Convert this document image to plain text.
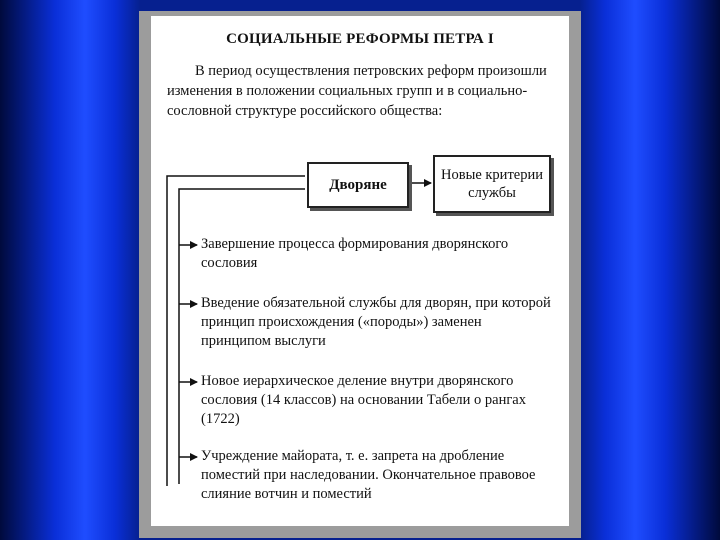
СОЦИАЛЬНЫЕ РЕФОРМЫ ПЕТРА I
В период осуществления петровских реформ произошли изменения в положении социальных групп и в социально-сословной структуре российского общества:
Дворяне
Новые критерии службы
Завершение процесса формирования дворянского сословия
Введение обязательной службы для дворян, при которой принцип происхождения («породы») заменен принципом выслуги
Новое иерархическое деление внутри дворянского сословия (14 классов) на основании Табели о рангах (1722)
Учреждение майората, т. е. запрета на дробление поместий при наследовании. Окончательное правовое слияние вотчин и поместий
